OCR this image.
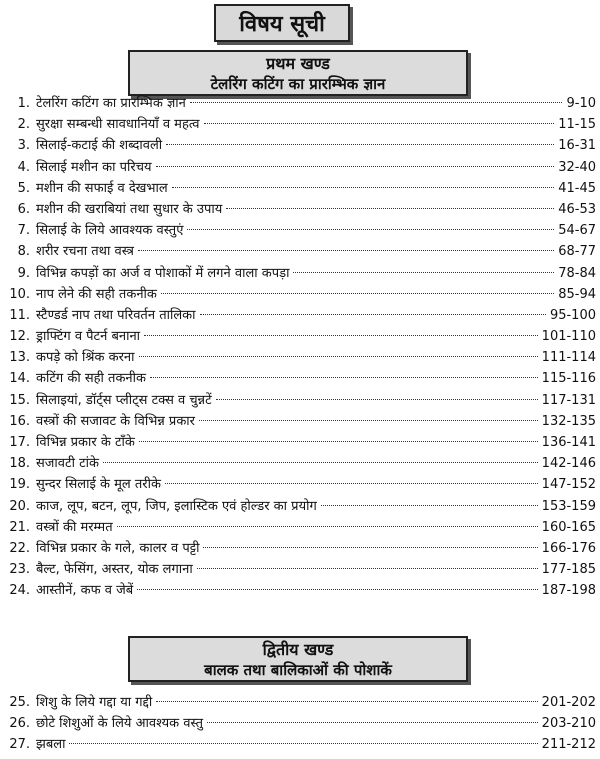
विषय सूची
प्रथम खण्ड
टेलरिंग कटिंग का प्रारम्भिक ज्ञान
1. टेलरिंग कटिंग का प्रारम्भिक ज्ञान	9-10
2. सुरक्षा सम्बन्धी सावधानियाँ व महत्व	11-15
3. सिलाई-कटाई की शब्दावली	16-31
4. सिलाई मशीन का परिचय	32-40
5. मशीन की सफाई व देखभाल	41-45
6. मशीन की खराबियां तथा सुधार के उपाय	46-53
7. सिलाई के लिये आवश्यक वस्तुएं	54-67
8. शरीर रचना तथा वस्त्र	68-77
9. विभिन्न कपड़ों का अर्ज व पोशाकों में लगने वाला कपड़ा	78-84
10. नाप लेने की सही तकनीक	85-94
11. स्टैण्डर्ड नाप तथा परिवर्तन तालिका	95-100
12. ड्राफ्टिंग व पैटर्न बनाना	101-110
13. कपड़े को श्रिंक करना	111-114
14. कटिंग की सही तकनीक	115-116
15. सिलाइयां, डॉर्ट्स प्लीट्स टक्स व चुन्नटें	117-131
16. वस्त्रों की सजावट के विभिन्न प्रकार	132-135
17. विभिन्न प्रकार के टाँके	136-141
18. सजावटी टांके	142-146
19. सुन्दर सिलाई के मूल तरीके	147-152
20. काज, लूप, बटन, लूप, जिप, इलास्टिक एवं होल्डर का प्रयोग	153-159
21. वस्त्रों की मरम्मत	160-165
22. विभिन्न प्रकार के गले, कालर व पट्टी	166-176
23. बैल्ट, फेसिंग, अस्तर, योक लगाना	177-185
24. आस्तीनें, कफ व जेबें	187-198
द्वितीय खण्ड
बालक तथा बालिकाओं की पोशाकें
25. शिशु के लिये गद्दा या गद्दी	201-202
26. छोटे शिशुओं के लिये आवश्यक वस्तु	203-210
27. झबला	211-212
